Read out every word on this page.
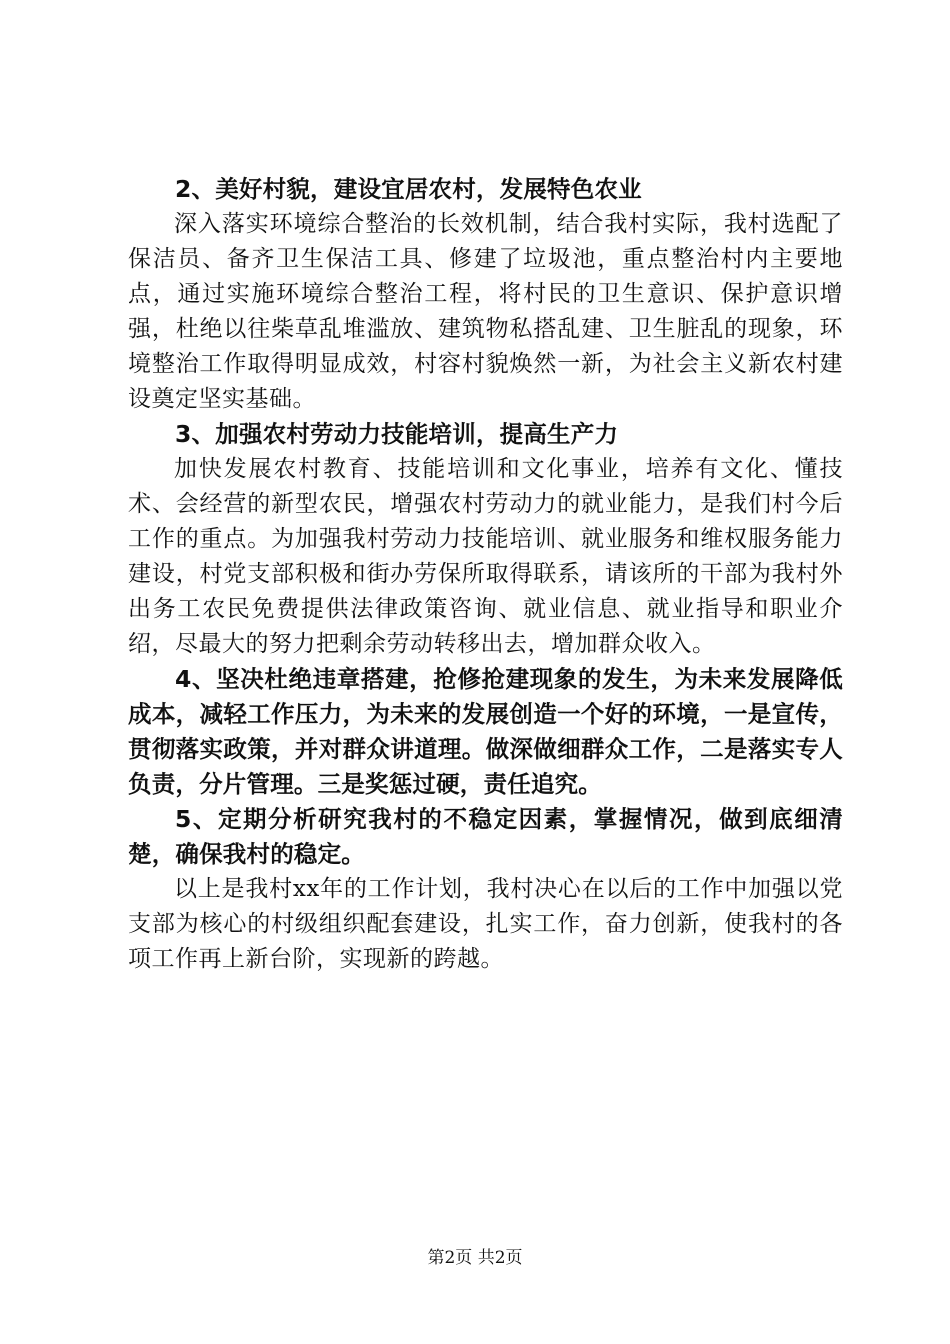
2、美好村貌，建设宜居农村，发展特色农业

深入落实环境综合整治的长效机制，结合我村实际，我村选配了保洁员、备齐卫生保洁工具、修建了垃圾池，重点整治村内主要地点，通过实施环境综合整治工程，将村民的卫生意识、保护意识增强，杜绝以往柴草乱堆滥放、建筑物私搭乱建、卫生脏乱的现象，环境整治工作取得明显成效，村容村貌焕然一新，为社会主义新农村建设奠定坚实基础。

3、加强农村劳动力技能培训，提高生产力

加快发展农村教育、技能培训和文化事业，培养有文化、懂技术、会经营的新型农民，增强农村劳动力的就业能力，是我们村今后工作的重点。为加强我村劳动力技能培训、就业服务和维权服务能力建设，村党支部积极和街办劳保所取得联系，请该所的干部为我村外出务工农民免费提供法律政策咨询、就业信息、就业指导和职业介绍，尽最大的努力把剩余劳动转移出去，增加群众收入。

4、坚决杜绝违章搭建，抢修抢建现象的发生，为未来发展降低成本，减轻工作压力，为未来的发展创造一个好的环境，一是宣传，贯彻落实政策，并对群众讲道理。做深做细群众工作，二是落实专人负责，分片管理。三是奖惩过硬，责任追究。

5、定期分析研究我村的不稳定因素，掌握情况，做到底细清楚，确保我村的稳定。

以上是我村xx年的工作计划，我村决心在以后的工作中加强以党支部为核心的村级组织配套建设，扎实工作，奋力创新，使我村的各项工作再上新台阶，实现新的跨越。

第2页 共2页
